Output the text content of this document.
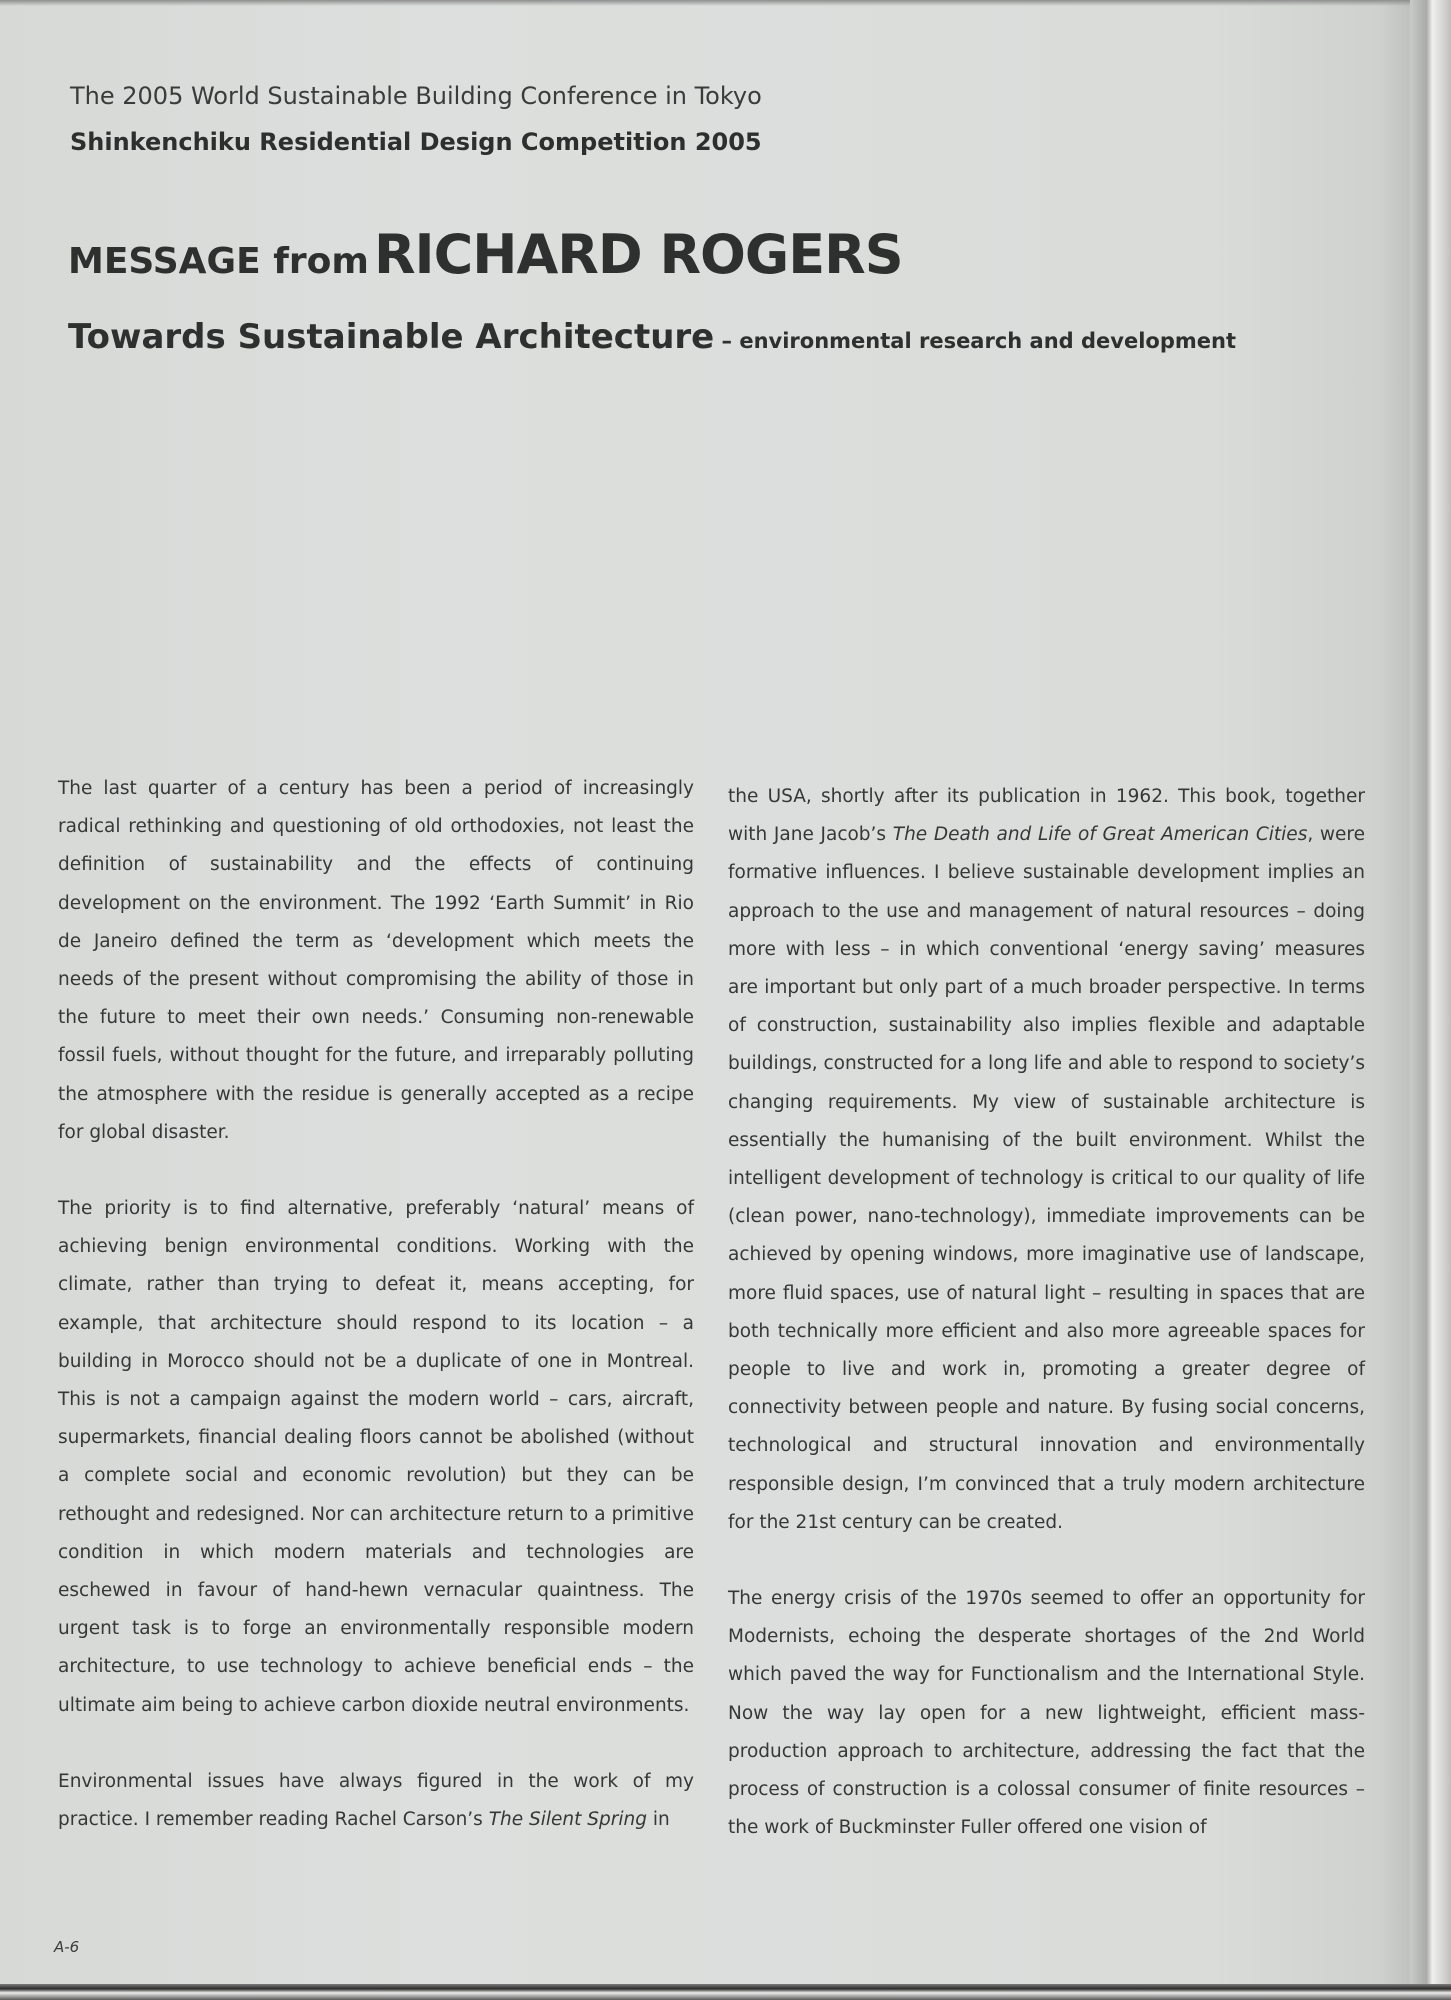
The 2005 World Sustainable Building Conference in Tokyo
Shinkenchiku Residential Design Competition 2005
MESSAGE from RICHARD ROGERS
Towards Sustainable Architecture – environmental research and development

The last quarter of a century has been a period of increasingly radical rethinking and questioning of old orthodoxies, not least the definition of sustainability and the effects of continuing development on the environment. The 1992 ‘Earth Summit’ in Rio de Janeiro defined the term as ‘development which meets the needs of the present without compromising the ability of those in the future to meet their own needs.’ Consuming non-renewable fossil fuels, without thought for the future, and irreparably polluting the atmosphere with the residue is generally accepted as a recipe for global disaster.

The priority is to find alternative, preferably ‘natural’ means of achieving benign environmental conditions. Working with the climate, rather than trying to defeat it, means accepting, for example, that architecture should respond to its location – a building in Morocco should not be a duplicate of one in Montreal. This is not a campaign against the modern world – cars, aircraft, supermarkets, financial dealing floors cannot be abolished (without a complete social and economic revolution) but they can be rethought and redesigned. Nor can architecture return to a primitive condition in which modern materials and technologies are eschewed in favour of hand-hewn vernacular quaintness. The urgent task is to forge an environmentally responsible modern architecture, to use technology to achieve beneficial ends – the ultimate aim being to achieve carbon dioxide neutral environments.

Environmental issues have always figured in the work of my practice. I remember reading Rachel Carson’s The Silent Spring in

the USA, shortly after its publication in 1962. This book, together with Jane Jacob’s The Death and Life of Great American Cities, were formative influences. I believe sustainable development implies an approach to the use and management of natural resources – doing more with less – in which conventional ‘energy saving’ measures are important but only part of a much broader perspective. In terms of construction, sustainability also implies flexible and adaptable buildings, constructed for a long life and able to respond to society’s changing requirements. My view of sustainable architecture is essentially the humanising of the built environment. Whilst the intelligent development of technology is critical to our quality of life (clean power, nano-technology), immediate improvements can be achieved by opening windows, more imaginative use of landscape, more fluid spaces, use of natural light – resulting in spaces that are both technically more efficient and also more agreeable spaces for people to live and work in, promoting a greater degree of connectivity between people and nature. By fusing social concerns, technological and structural innovation and environmentally responsible design, I’m convinced that a truly modern architecture for the 21st century can be created.

The energy crisis of the 1970s seemed to offer an opportunity for Modernists, echoing the desperate shortages of the 2nd World which paved the way for Functionalism and the International Style. Now the way lay open for a new lightweight, efficient mass-production approach to architecture, addressing the fact that the process of construction is a colossal consumer of finite resources – the work of Buckminster Fuller offered one vision of

A-6
